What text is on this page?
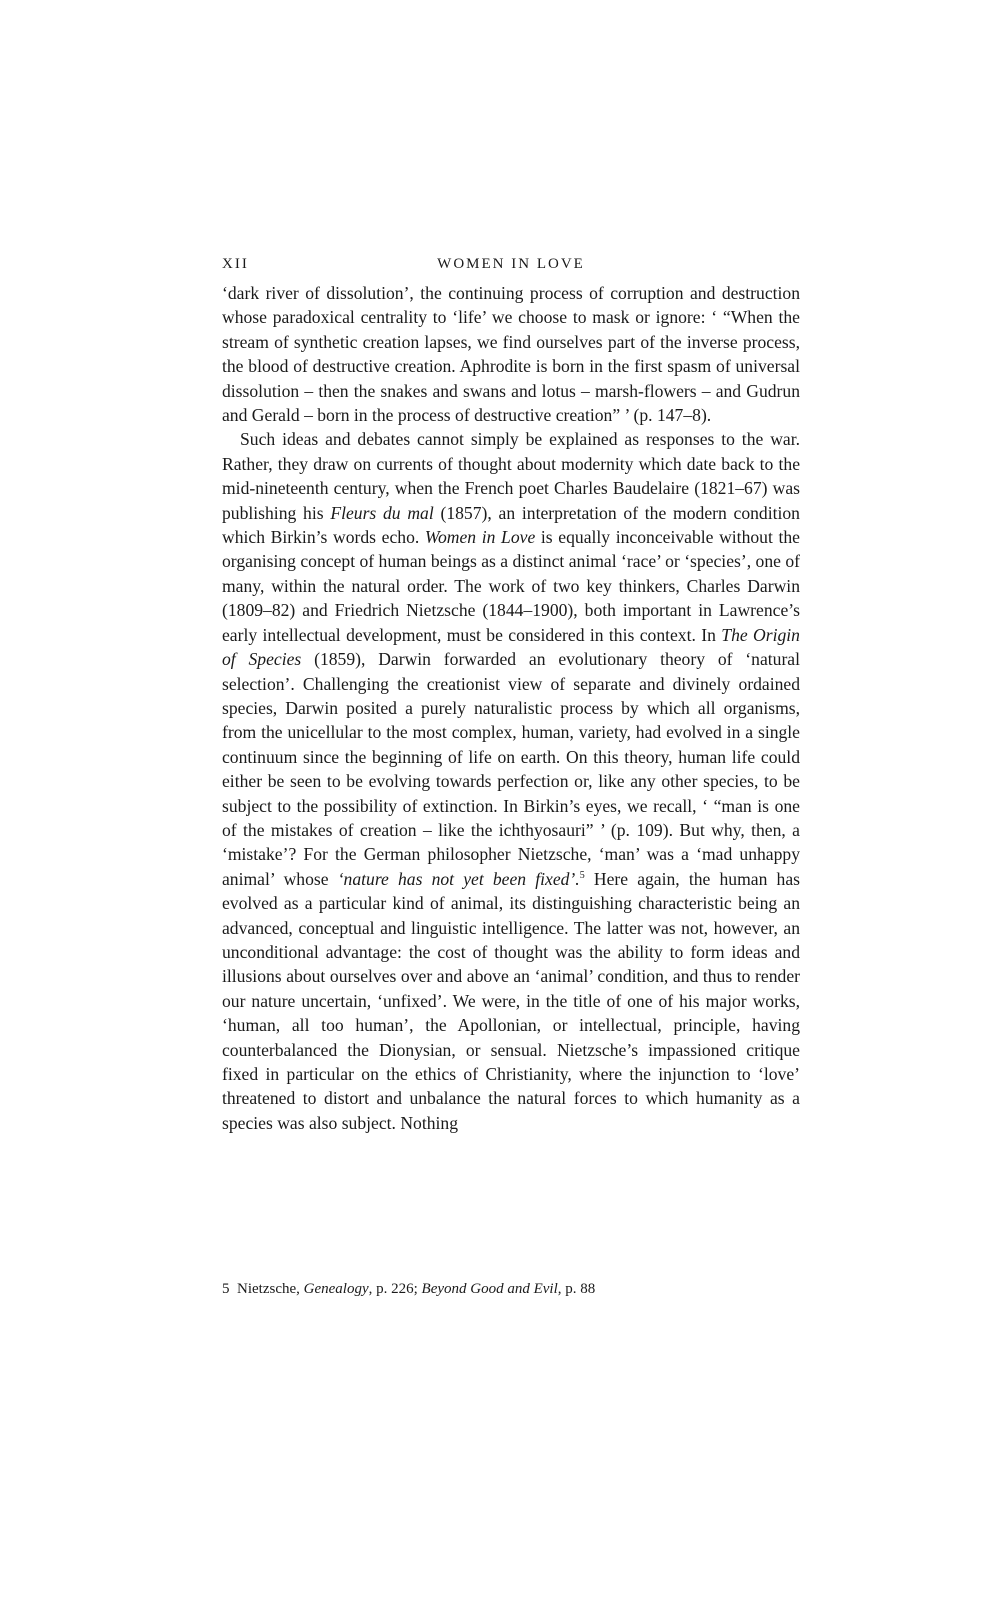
XII	WOMEN IN LOVE

‘dark river of dissolution’, the continuing process of corruption and destruction whose paradoxical centrality to ‘life’ we choose to mask or ignore: ‘ “When the stream of synthetic creation lapses, we find ourselves part of the inverse process, the blood of destructive creation. Aphrodite is born in the first spasm of universal dissolution – then the snakes and swans and lotus – marsh-flowers – and Gudrun and Gerald – born in the process of destructive creation” ’ (p. 147–8).

Such ideas and debates cannot simply be explained as responses to the war. Rather, they draw on currents of thought about modernity which date back to the mid-nineteenth century, when the French poet Charles Baudelaire (1821–67) was publishing his Fleurs du mal (1857), an interpretation of the modern condition which Birkin’s words echo. Women in Love is equally inconceivable without the organising concept of human beings as a distinct animal ‘race’ or ‘species’, one of many, within the natural order. The work of two key thinkers, Charles Darwin (1809–82) and Friedrich Nietzsche (1844–1900), both important in Lawrence’s early intellectual development, must be considered in this context. In The Origin of Species (1859), Darwin forwarded an evolutionary theory of ‘natural selection’. Challenging the creationist view of separate and divinely ordained species, Darwin posited a purely naturalistic process by which all organisms, from the unicellular to the most complex, human, variety, had evolved in a single continuum since the beginning of life on earth. On this theory, human life could either be seen to be evolving towards perfection or, like any other species, to be subject to the possibility of extinction. In Birkin’s eyes, we recall, ‘ “man is one of the mistakes of creation – like the ichthyosauri” ’ (p. 109). But why, then, a ‘mistake’? For the German philosopher Nietzsche, ‘man’ was a ‘mad unhappy animal’ whose ‘nature has not yet been fixed’.$^5$ Here again, the human has evolved as a particular kind of animal, its distinguishing characteristic being an advanced, conceptual and linguistic intelligence. The latter was not, however, an unconditional advantage: the cost of thought was the ability to form ideas and illusions about ourselves over and above an ‘animal’ condition, and thus to render our nature uncertain, ‘unfixed’. We were, in the title of one of his major works, ‘human, all too human’, the Apollonian, or intellectual, principle, having counterbalanced the Dionysian, or sensual. Nietzsche’s impassioned critique fixed in particular on the ethics of Christianity, where the injunction to ‘love’ threatened to distort and unbalance the natural forces to which humanity as a species was also subject. Nothing

5 Nietzsche, Genealogy, p. 226; Beyond Good and Evil, p. 88
